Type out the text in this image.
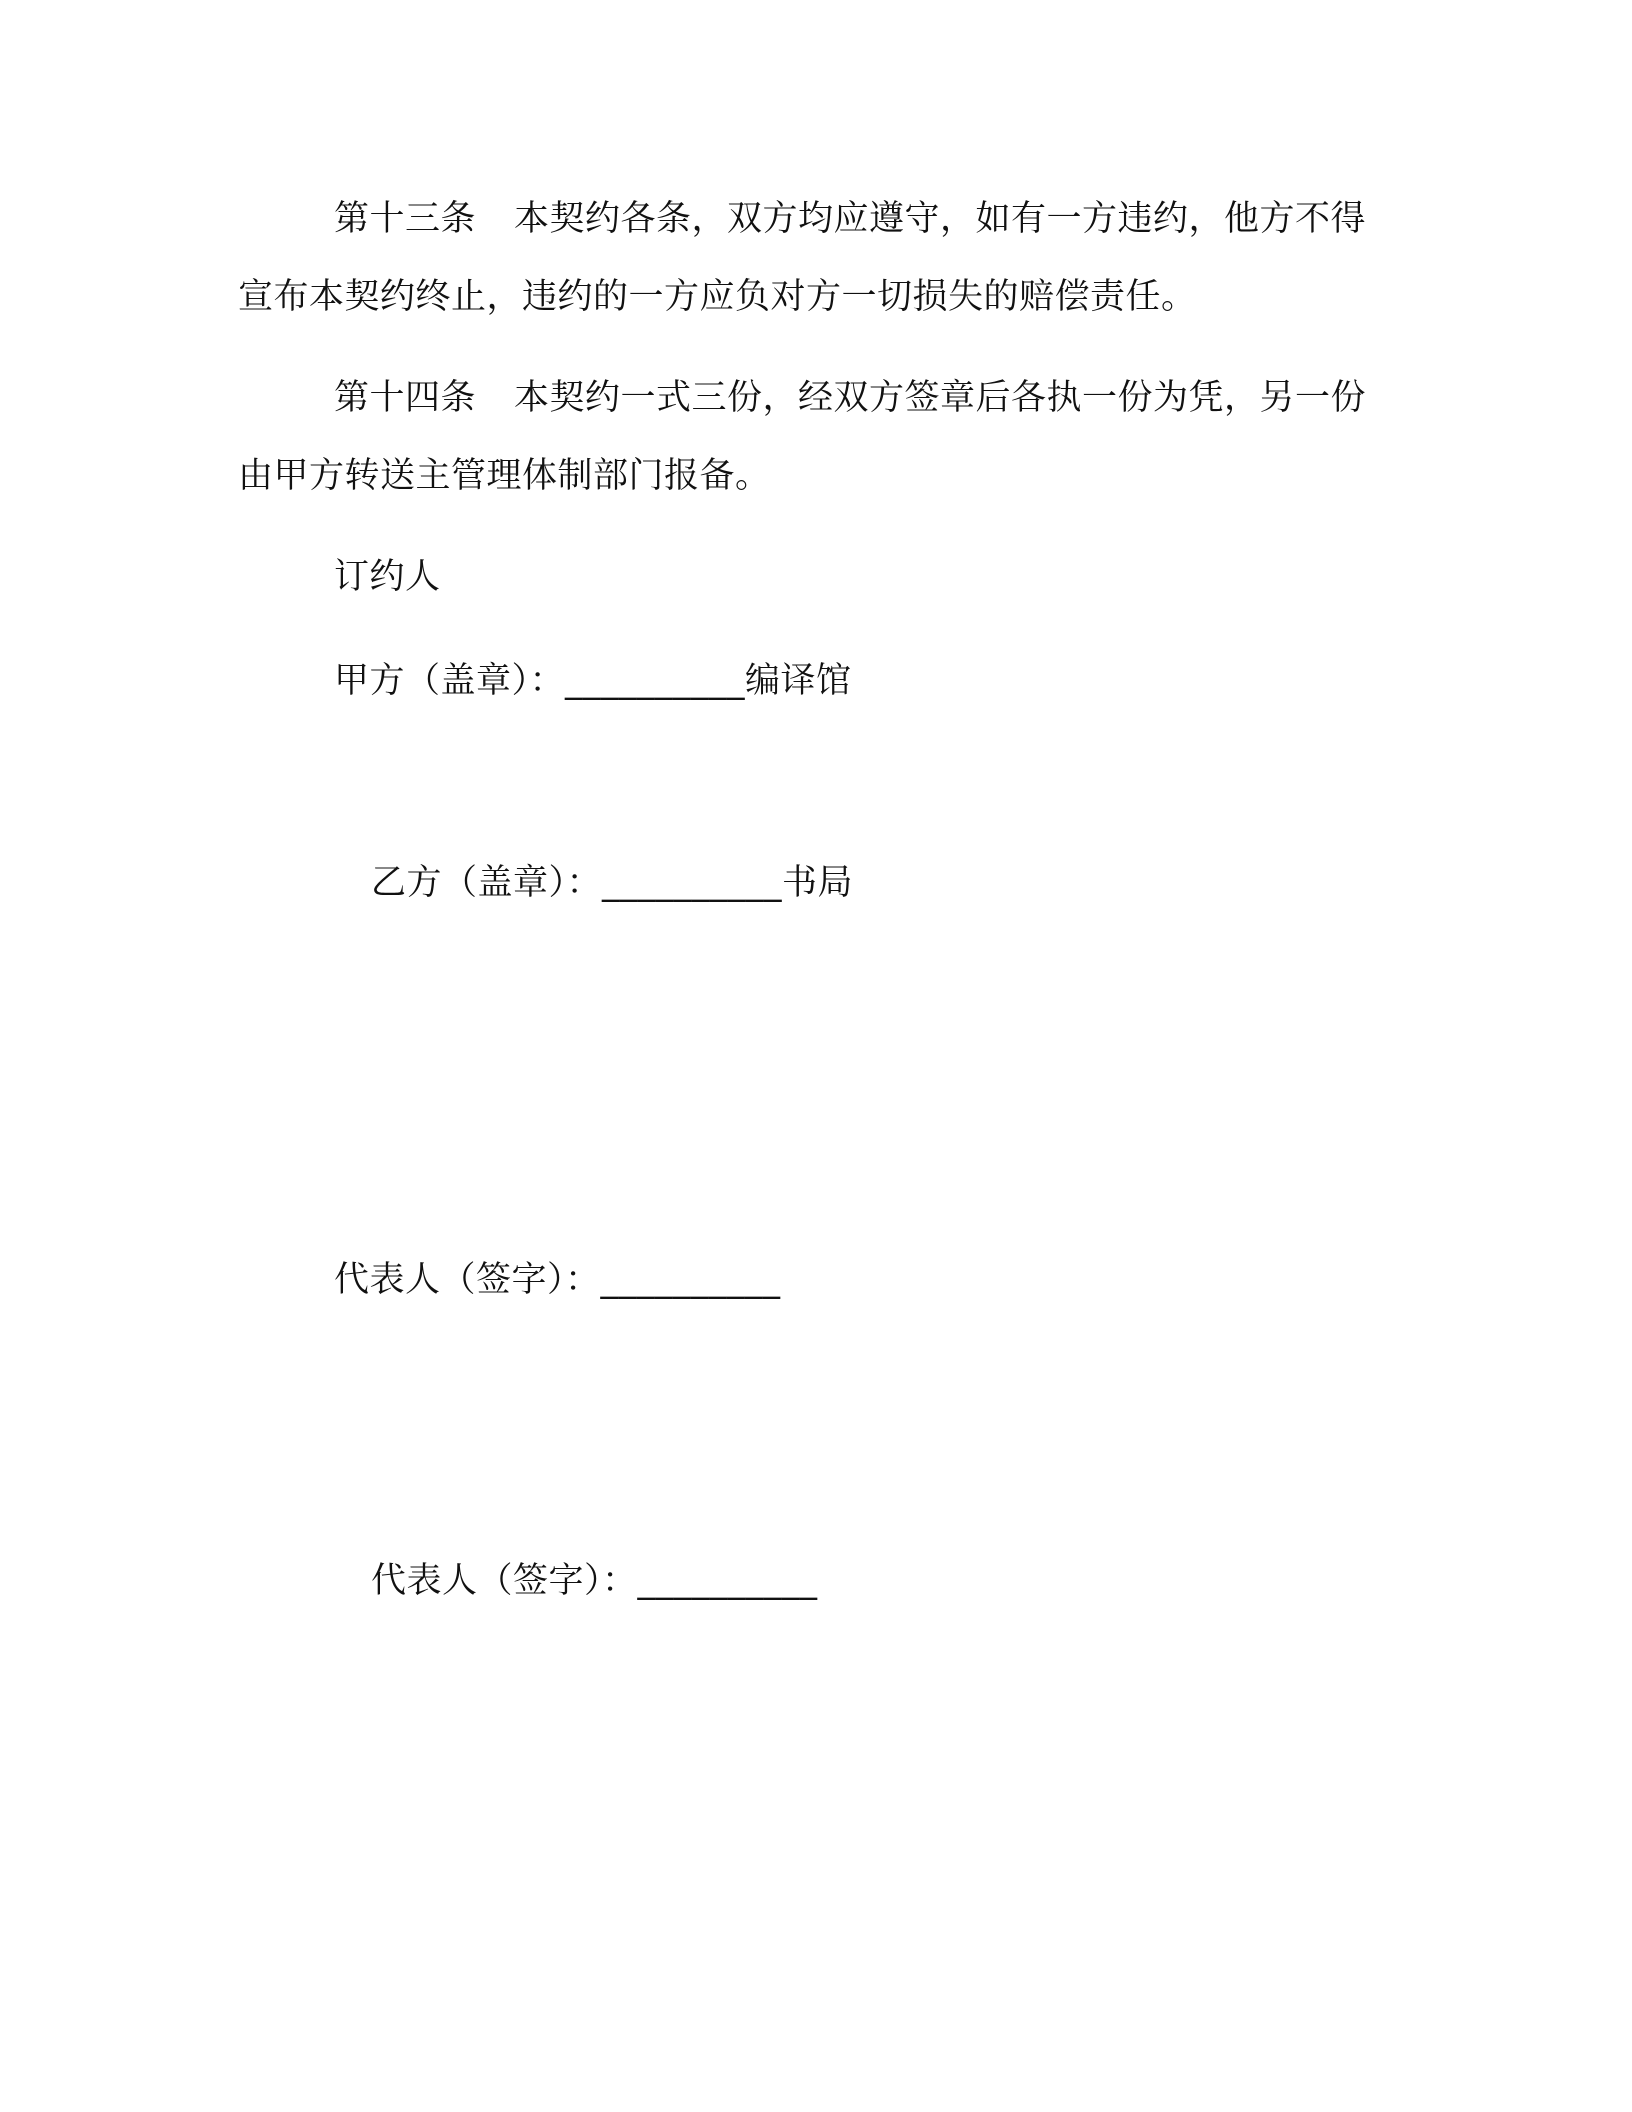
第十三条 本契约各条，双方均应遵守，如有一方违约，他方不得宣布本契约终止，违约的一方应负对方一切损失的赔偿责任。

第十四条 本契约一式三份，经双方签章后各执一份为凭，另一份由甲方转送主管理体制部门报备。

订约人

甲方（盖章）：__________编译馆

乙方（盖章）：__________书局

代表人（签字）：__________

代表人（签字）：__________
